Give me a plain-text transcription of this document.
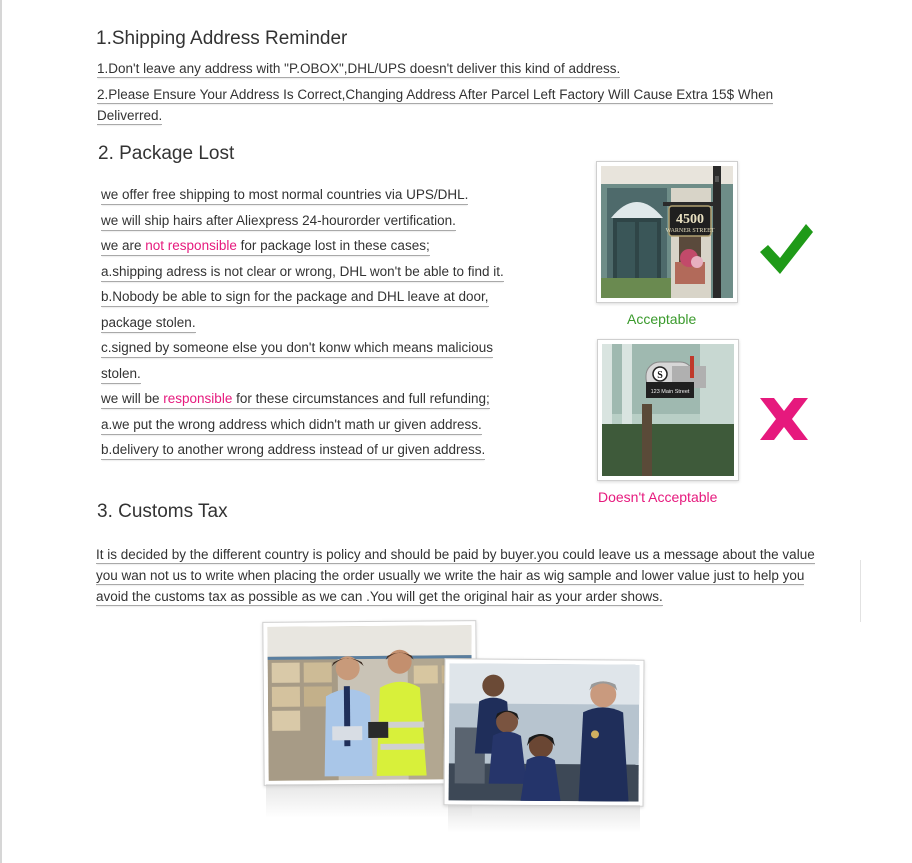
1.Shipping Address Reminder
1.Don't leave any address with "P.OBOX",DHL/UPS doesn't deliver this kind of address.
2.Please Ensure Your Address Is Correct,Changing Address After Parcel Left Factory Will Cause Extra 15$ When Deliverred.
2. Package Lost
we offer free shipping to most normal countries via UPS/DHL.
we will ship hairs after Aliexpress 24-hourorder vertification.
we are not responsible for package lost in these cases;
a.shipping adress is not clear or wrong, DHL won't be able to find it.
b.Nobody be able to sign for the package and DHL leave at door,
package stolen.
c.signed by someone else you don't konw which means malicious
stolen.
we will be responsible for these circumstances and full refunding;
a.we put the wrong address which didn't math ur given address.
b.delivery to another wrong address instead of ur given address.
4500
WARNER STREET
Acceptable
S
123 Main Street
Doesn't Acceptable
3. Customs Tax
It is decided by the different country is policy and should be paid by buyer.you could leave us a message about the value you wan not us to write when placing the order usually we write the hair as wig sample and lower value just to help you avoid the customs tax as possible as we can .You will get the original hair as your arder shows.
